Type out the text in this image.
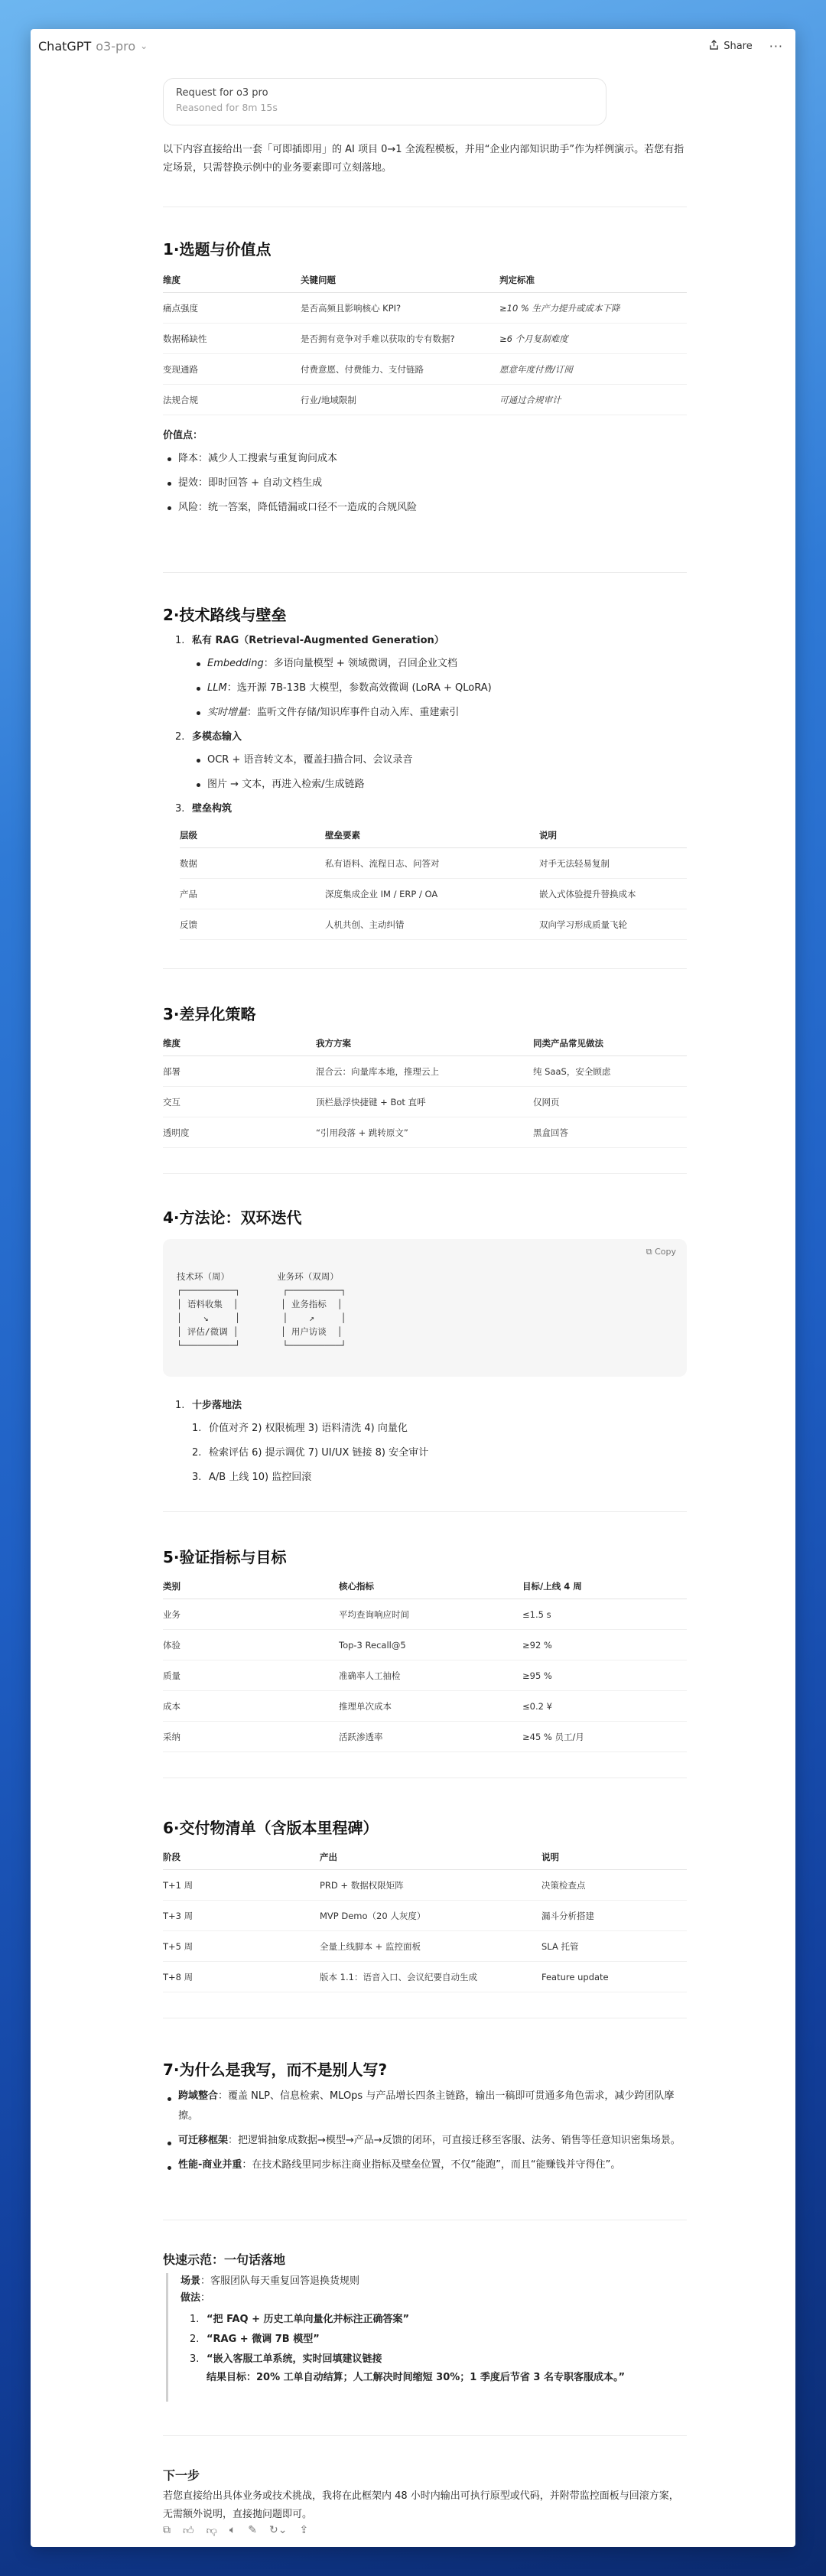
ChatGPT o3-pro ⌄	Share ···
Request for o3 pro
Reasoned for 8m 15s

以下内容直接给出一套「可即插即用」的 AI 项目 0→1 全流程模板，并用“企业内部知识助手”作为样例演示。若您有指定场景，只需替换示例中的业务要素即可立刻落地。

1·选题与价值点
维度	关键问题	判定标准
痛点强度	是否高频且影响核心 KPI?	≥10 % 生产力提升或成本下降
数据稀缺性	是否拥有竞争对手难以获取的专有数据?	≥6 个月复制难度
变现通路	付费意愿、付费能力、支付链路	愿意年度付费/订阅
法规合规	行业/地域限制	可通过合规审计
价值点：
降本：减少人工搜索与重复询问成本
提效：即时回答 + 自动文档生成
风险：统一答案，降低错漏或口径不一造成的合规风险
2·技术路线与壁垒
1. 私有 RAG（Retrieval-Augmented Generation）
Embedding：多语向量模型 + 领域微调，召回企业文档
LLM：选开源 7B-13B 大模型，参数高效微调 (LoRA + QLoRA)
实时增量：监听文件存储/知识库事件自动入库、重建索引
2. 多模态输入
OCR + 语音转文本，覆盖扫描合同、会议录音
图片 → 文本，再进入检索/生成链路
3. 壁垒构筑
层级	壁垒要素	说明
数据	私有语料、流程日志、问答对	对手无法轻易复制
产品	深度集成企业 IM / ERP / OA	嵌入式体验提升替换成本
反馈	人机共创、主动纠错	双向学习形成质量飞轮
3·差异化策略
维度	我方方案	同类产品常见做法
部署	混合云：向量库本地，推理云上	纯 SaaS，安全顾虑
交互	顶栏悬浮快捷键 + Bot 直呼	仅网页
透明度	“引用段落 + 跳转原文”	黑盒回答
4·方法论：双环迭代
⧉ Copy
技术环（周）         业务环（双周）
┌──────────┐        ┌──────────┐
│ 语料收集  │        │ 业务指标  │
│    ↘     │        │    ↗     │
│ 评估/微调 │        │ 用户访谈  │
└──────────┘        └──────────┘
1. 十步落地法
1. 价值对齐 2) 权限梳理 3) 语料清洗 4) 向量化
2. 检索评估 6) 提示调优 7) UI/UX 链接 8) 安全审计
3. A/B 上线 10) 监控回滚
5·验证指标与目标
类别	核心指标	目标/上线 4 周
业务	平均查询响应时间	≤1.5 s
体验	Top-3 Recall@5	≥92 %
质量	准确率人工抽检	≥95 %
成本	推理单次成本	≤0.2 ¥
采纳	活跃渗透率	≥45 % 员工/月
6·交付物清单（含版本里程碑）
阶段	产出	说明
T+1 周	PRD + 数据权限矩阵	决策检查点
T+3 周	MVP Demo（20 人灰度）	漏斗分析搭建
T+5 周	全量上线脚本 + 监控面板	SLA 托管
T+8 周	版本 1.1：语音入口、会议纪要自动生成	Feature update
7·为什么是我写，而不是别人写?
跨域整合：覆盖 NLP、信息检索、MLOps 与产品增长四条主链路，输出一稿即可贯通多角色需求，减少跨团队摩擦。
可迁移框架：把逻辑抽象成数据→模型→产品→反馈的闭环，可直接迁移至客服、法务、销售等任意知识密集场景。
性能-商业并重：在技术路线里同步标注商业指标及壁垒位置，不仅“能跑”，而且“能赚钱并守得住”。
快速示范：一句话落地
场景：客服团队每天重复回答退换货规则
做法：
1. “把 FAQ + 历史工单向量化并标注正确答案”
2. “RAG + 微调 7B 模型”
3. “嵌入客服工单系统，实时回填建议链接
结果目标：20% 工单自动结算；人工解决时间缩短 30%；1 季度后节省 3 名专职客服成本。”
下一步

若您直接给出具体业务或技术挑战，我将在此框架内 48 小时内输出可执行原型或代码，并附带监控面板与回滚方案，无需额外说明，直接拋问题即可。

⧉ 👍︎ 👎︎ 🔈︎ ✎ ↻⌄ ⇪
